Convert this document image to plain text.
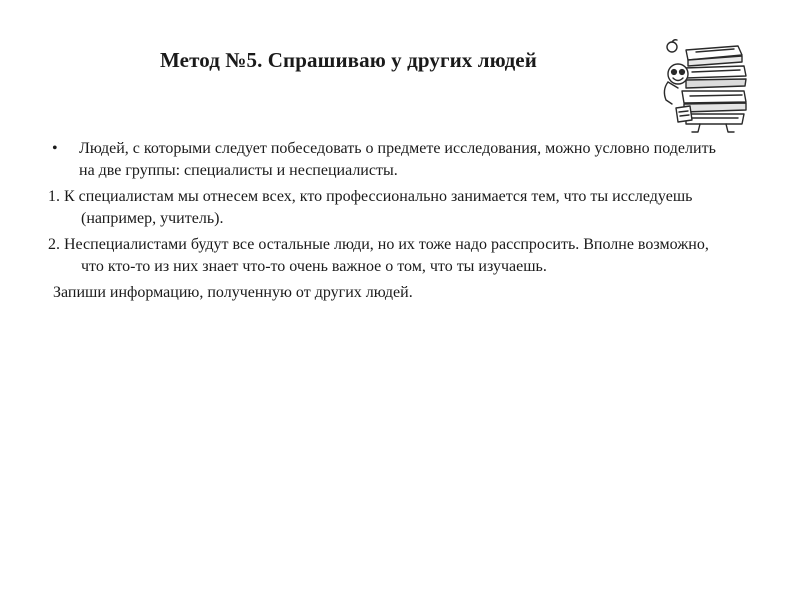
Метод №5. Спрашиваю у других людей

• Людей, с которыми следует побеседовать о предмете исследования, можно условно поделить на две группы: специалисты и неспециалисты.

1. К специалистам мы отнесем всех, кто профессионально занимается тем, что ты исследуешь (например, учитель).

2. Неспециалистами будут все остальные люди, но их тоже надо расспросить. Вполне возможно, что кто-то из них знает что-то очень важное о том, что ты изучаешь.

Запиши информацию, полученную от других людей.
